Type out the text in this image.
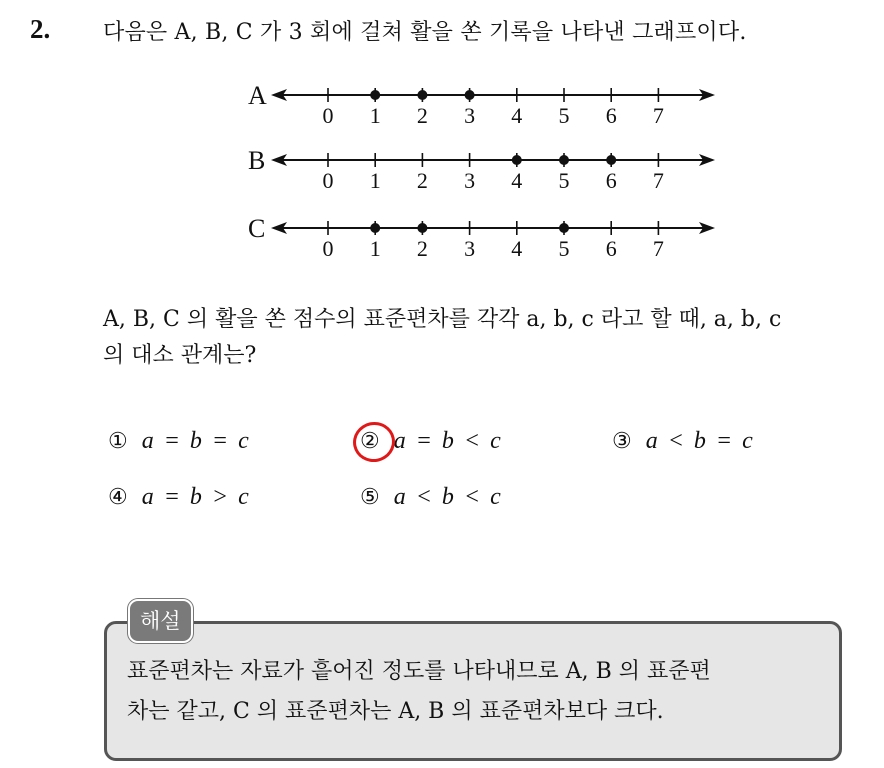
2. 다음은 A, B, C 가 3 회에 걸쳐 활을 쏜 기록을 나타낸 그래프이다.
A
0 1 2 3 4 5 6 7
B
0 1 2 3 4 5 6 7
C
0 1 2 3 4 5 6 7
A, B, C 의 활을 쏜 점수의 표준편차를 각각 a, b, c 라고 할 때, a, b, c
의 대소 관계는?
① a = b = c	② a = b < c	③ a < b = c
④ a = b > c	⑤ a < b < c
해설
표준편차는 자료가 흩어진 정도를 나타내므로 A, B 의 표준편
차는 같고, C 의 표준편차는 A, B 의 표준편차보다 크다.
